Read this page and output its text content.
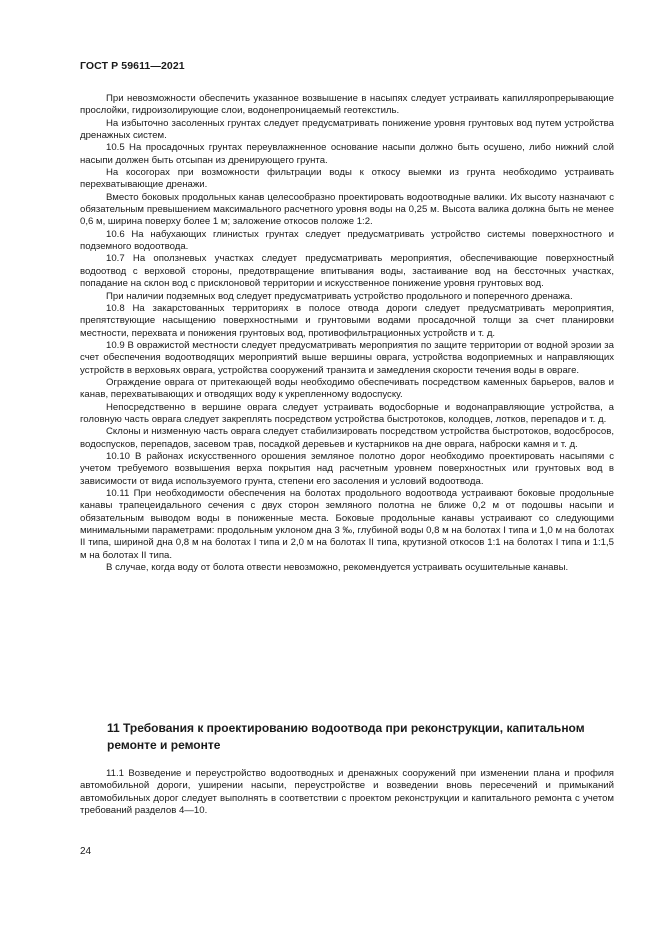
ГОСТ Р 59611—2021

При невозможности обеспечить указанное возвышение в насыпях следует устраивать капилляропрерывающие прослойки, гидроизолирующие слои, водонепроницаемый геотекстиль.

На избыточно засоленных грунтах следует предусматривать понижение уровня грунтовых вод путем устройства дренажных систем.

10.5 На просадочных грунтах переувлажненное основание насыпи должно быть осушено, либо нижний слой насыпи должен быть отсыпан из дренирующего грунта.

На косогорах при возможности фильтрации воды к откосу выемки из грунта необходимо устраивать перехватывающие дренажи.

Вместо боковых продольных канав целесообразно проектировать водоотводные валики. Их высоту назначают с обязательным превышением максимального расчетного уровня воды на 0,25 м. Высота валика должна быть не менее 0,6 м, ширина поверху более 1 м; заложение откосов положе 1:2.

10.6 На набухающих глинистых грунтах следует предусматривать устройство системы поверхностного и подземного водоотвода.

10.7 На оползневых участках следует предусматривать мероприятия, обеспечивающие поверхностный водоотвод с верховой стороны, предотвращение впитывания воды, застаивание вод на бессточных участках, попадание на склон вод с присклоновой территории и искусственное понижение уровня грунтовых вод.

При наличии подземных вод следует предусматривать устройство продольного и поперечного дренажа.

10.8 На закарстованных территориях в полосе отвода дороги следует предусматривать мероприятия, препятствующие насыщению поверхностными и грунтовыми водами просадочной толщи за счет планировки местности, перехвата и понижения грунтовых вод, противофильтрационных устройств и т. д.

10.9 В овражистой местности следует предусматривать мероприятия по защите территории от водной эрозии за счет обеспечения водоотводящих мероприятий выше вершины оврага, устройства водоприемных и направляющих устройств в верховьях оврага, устройства сооружений транзита и замедления скорости течения воды в овраге.

Ограждение оврага от притекающей воды необходимо обеспечивать посредством каменных барьеров, валов и канав, перехватывающих и отводящих воду к укрепленному водоспуску.

Непосредственно в вершине оврага следует устраивать водосборные и водонаправляющие устройства, а головную часть оврага следует закреплять посредством устройства быстротоков, колодцев, лотков, перепадов и т. д.

Склоны и низменную часть оврага следует стабилизировать посредством устройства быстротоков, водосбросов, водоспусков, перепадов, засевом трав, посадкой деревьев и кустарников на дне оврага, наброски камня и т. д.

10.10 В районах искусственного орошения земляное полотно дорог необходимо проектировать насыпями с учетом требуемого возвышения верха покрытия над расчетным уровнем поверхностных или грунтовых вод в зависимости от вида используемого грунта, степени его засоления и условий водоотвода.

10.11 При необходимости обеспечения на болотах продольного водоотвода устраивают боковые продольные канавы трапецеидального сечения с двух сторон земляного полотна не ближе 0,2 м от подошвы насыпи и обязательным выводом воды в пониженные места. Боковые продольные канавы устраивают со следующими минимальными параметрами: продольным уклоном дна 3 ‰, глубиной воды 0,8 м на болотах I типа и 1,0 м на болотах II типа, шириной дна 0,8 м на болотах I типа и 2,0 м на болотах II типа, крутизной откосов 1:1 на болотах I типа и 1:1,5 м на болотах II типа.

В случае, когда воду от болота отвести невозможно, рекомендуется устраивать осушительные канавы.

11 Требования к проектированию водоотвода при реконструкции, капитальном ремонте и ремонте

11.1 Возведение и переустройство водоотводных и дренажных сооружений при изменении плана и профиля автомобильной дороги, уширении насыпи, переустройстве и возведении вновь пересечений и примыканий автомобильных дорог следует выполнять в соответствии с проектом реконструкции и капитального ремонта с учетом требований разделов 4—10.

24
